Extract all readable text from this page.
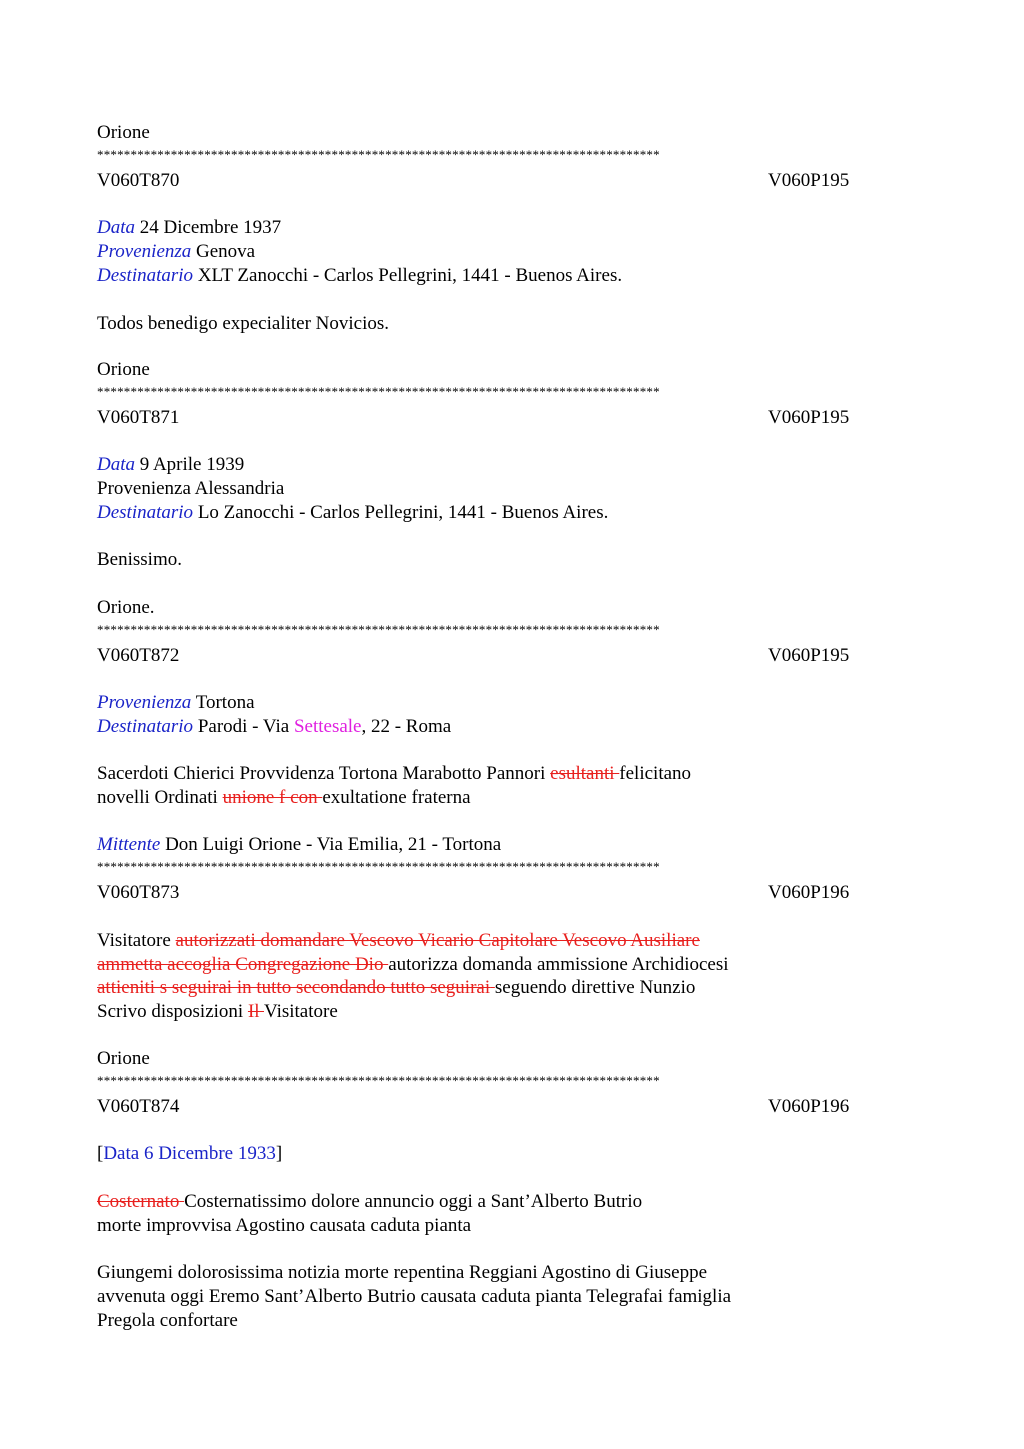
Orione
************************************************************************************
V060T870	V060P195
Data 24 Dicembre 1937
Provenienza Genova
Destinatario XLT Zanocchi - Carlos Pellegrini, 1441 - Buenos Aires.
Todos benedigo expecialiter Novicios.
Orione
************************************************************************************
V060T871	V060P195
Data 9 Aprile 1939
Provenienza Alessandria
Destinatario Lo Zanocchi - Carlos Pellegrini, 1441 - Buenos Aires.
Benissimo.
Orione.
************************************************************************************
V060T872	V060P195
Provenienza Tortona
Destinatario Parodi - Via Settesale, 22 - Roma
Sacerdoti Chierici Provvidenza Tortona Marabotto Pannori esultanti felicitano
novelli Ordinati unione f con exultatione fraterna
Mittente Don Luigi Orione - Via Emilia, 21 - Tortona
************************************************************************************
V060T873	V060P196
Visitatore autorizzati domandare Vescovo Vicario Capitolare Vescovo Ausiliare
ammetta accoglia Congregazione Dio autorizza domanda ammissione Archidiocesi
attieniti s seguirai in tutto secondando tutto seguirai seguendo direttive Nunzio
Scrivo disposizioni Il Visitatore
Orione
************************************************************************************
V060T874	V060P196
[Data 6 Dicembre 1933]
Costernato Costernatissimo dolore annuncio oggi a Sant’Alberto Butrio
morte improvvisa Agostino causata caduta pianta
Giungemi dolorosissima notizia morte repentina Reggiani Agostino di Giuseppe
avvenuta oggi Eremo Sant’Alberto Butrio causata caduta pianta Telegrafai famiglia
Pregola confortare
